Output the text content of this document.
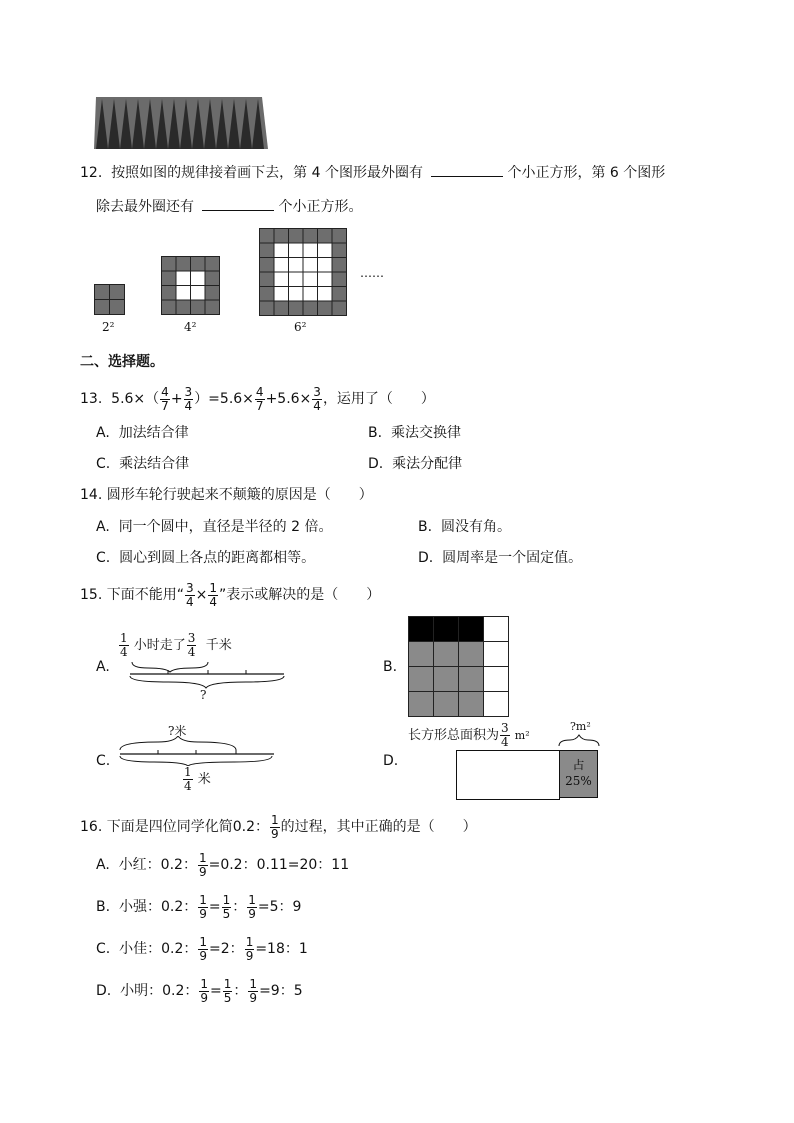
12. 按照如图的规律接着画下去，第 4 个图形最外圈有	个小正方形，第 6 个图形
除去最外圈还有	个小正方形。
2²	4²	6²
……
二、选择题。
13. $5.6\times( \frac{4}{7} + \frac{3}{4} )=5.6\times \frac{4}{7} +5.6\times \frac{3}{4}$ ，运用了（　　）
A. 加法结合律	B. 乘法交换律
C. 乘法结合律	D. 乘法分配律
14. 圆形车轮行驶起来不颠簸的原因是（　　）
A. 同一个圆中，直径是半径的 2 倍。	B. 圆没有角。
C. 圆心到圆上各点的距离都相等。	D. 圆周率是一个固定值。
15. 下面不能用“ $\frac{3}{4} \times \frac{1}{4}$ ”表示或解决的是（　　）
A.
$\frac{1}{4}$ 小时走了 $\frac{3}{4}$ 千米
?
B.
C.
?米
$\frac{1}{4}$ 米
D.
长方形总面积为 $\frac{3}{4} m^2$
?m²
占
25%
16. 下面是四位同学化简0.2： $\frac{1}{9}$ 的过程，其中正确的是（　　）
A. 小红：0.2： $\frac{1}{9} =0.2$：0.11=20：11
B. 小强：0.2： $\frac{1}{9} = \frac{1}{5}$ ： $\frac{1}{9} =5$：9
C. 小佳：0.2： $\frac{1}{9} =2$： $\frac{1}{9} =18$：1
D. 小明：0.2： $\frac{1}{9} = \frac{1}{5}$ ： $\frac{1}{9} =9$：5
